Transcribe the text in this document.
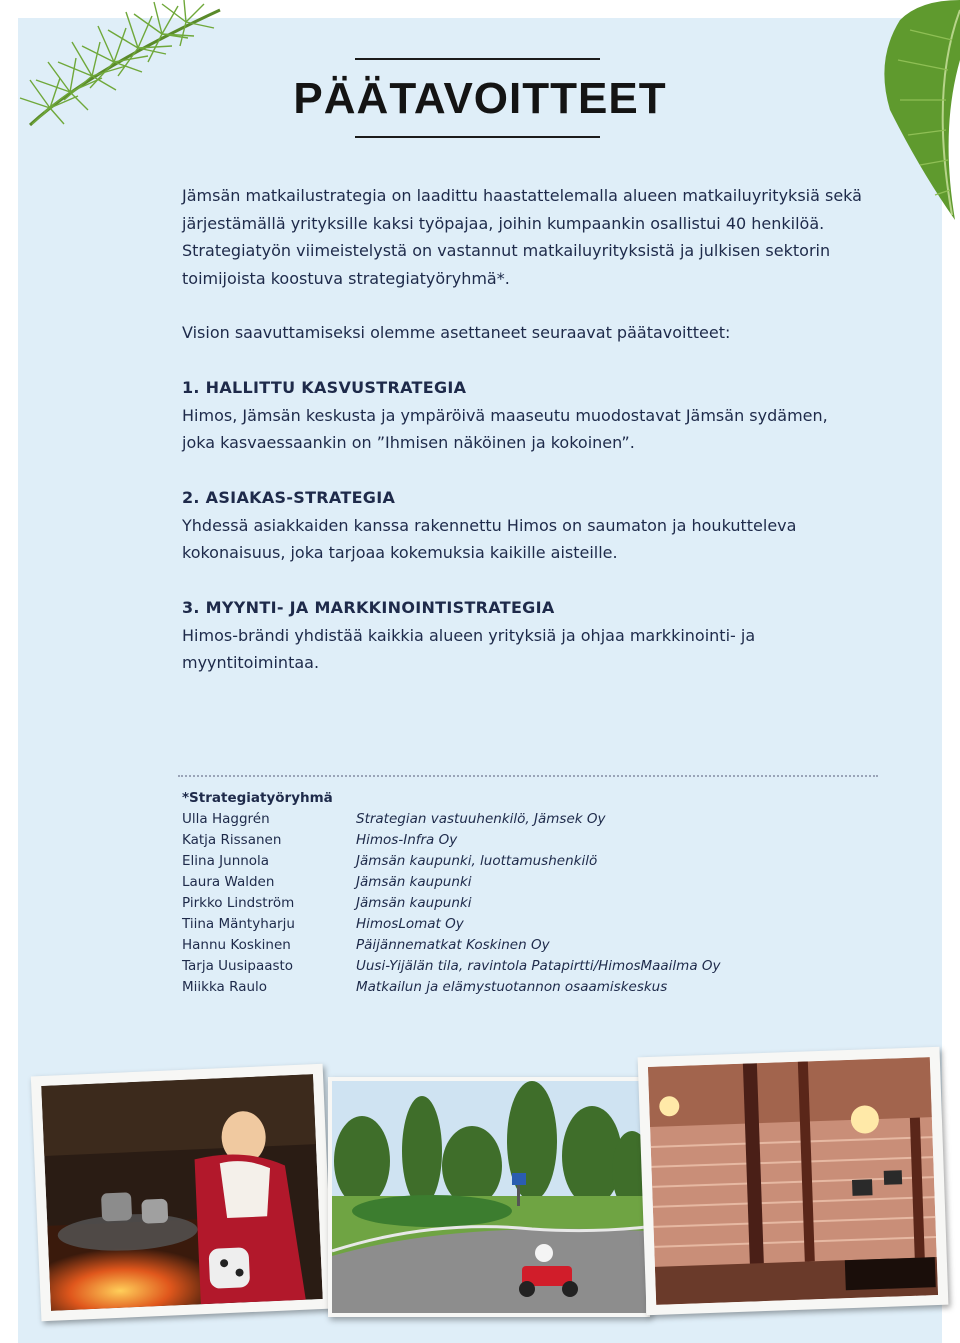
PÄÄTAVOITTEET

Jämsän matkailustrategia on laadittu haastattelemalla alueen matkailuyrityksiä sekä

järjestämällä yrityksille kaksi työpajaa, joihin kumpaankin osallistui 40 henkilöä.

Strategiatyön viimeistelystä on vastannut matkailuyrityksistä ja julkisen sektorin

toimijoista koostuva strategiatyöryhmä*.

Vision saavuttamiseksi olemme asettaneet seuraavat päätavoitteet:

1. HALLITTU KASVUSTRATEGIA

Himos, Jämsän keskusta ja ympäröivä maaseutu muodostavat Jämsän sydämen,

joka kasvaessaankin on ”Ihmisen näköinen ja kokoinen”.

2. ASIAKAS-STRATEGIA

Yhdessä asiakkaiden kanssa rakennettu Himos on saumaton ja houkutteleva

kokonaisuus, joka tarjoaa kokemuksia kaikille aisteille.

3. MYYNTI- JA MARKKINOINTISTRATEGIA

Himos-brändi yhdistää kaikkia alueen yrityksiä ja ohjaa markkinointi- ja

myyntitoimintaa.

*Strategiatyöryhmä
Ulla Haggrén	Strategian vastuuhenkilö, Jämsek Oy
Katja Rissanen	Himos-Infra Oy
Elina Junnola	Jämsän kaupunki, luottamushenkilö
Laura Walden	Jämsän kaupunki
Pirkko Lindström	Jämsän kaupunki
Tiina Mäntyharju	HimosLomat Oy
Hannu Koskinen	Päijännematkat Koskinen Oy
Tarja Uusipaasto	Uusi-Yijälän tila, ravintola Patapirtti/HimosMaailma Oy
Miikka Raulo	Matkailun ja elämystuotannon osaamiskeskus
